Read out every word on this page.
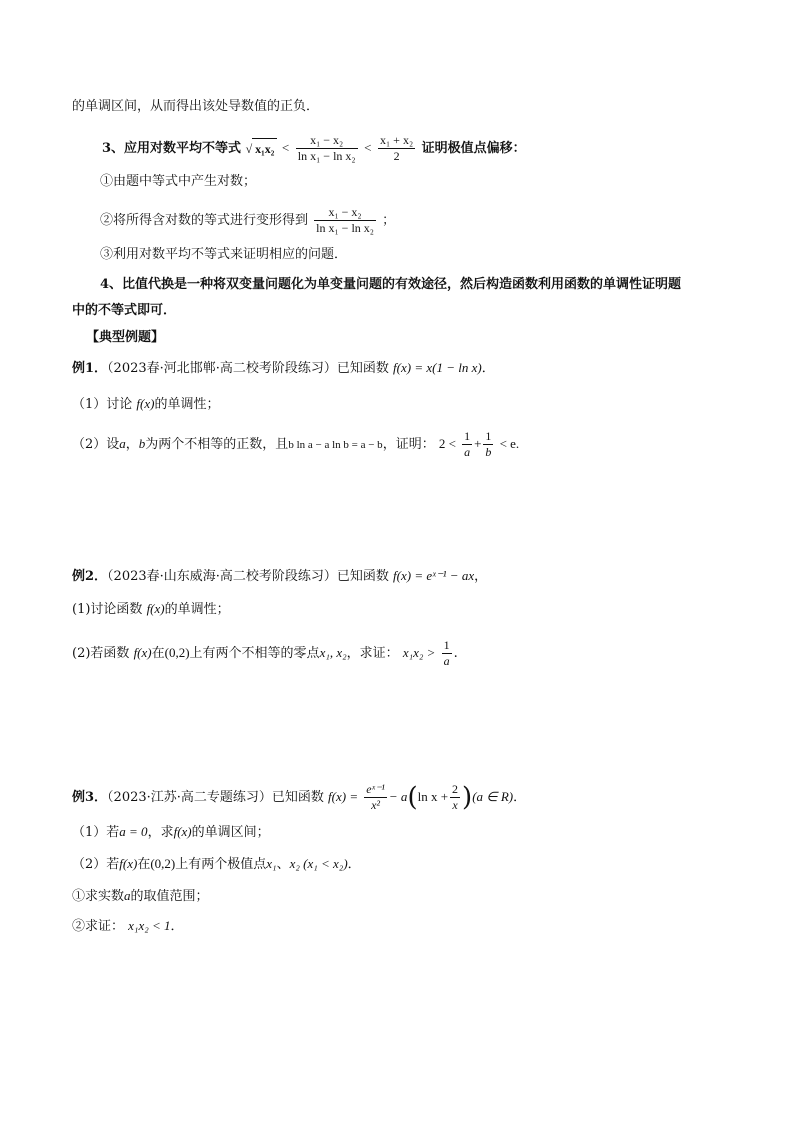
的单调区间，从而得出该处导数值的正负．
3、应用对数平均不等式 √ $x_1x_2 < \frac{\text{x₁ − x₂}}{\text{ln x₁ − ln x₂}} < \frac{\text{x₁ + x₂}}{2}$ 证明极值点偏移：
①由题中等式中产生对数；
②将所得含对数的等式进行变形得到 $\frac{\text{x₁ − x₂}}{\text{ln x₁ − ln x₂}}$ ；
③利用对数平均不等式来证明相应的问题．
4、比值代换是一种将双变量问题化为单变量问题的有效途径，然后构造函数利用函数的单调性证明题
中的不等式即可．
【典型例题】
例1．（2023春·河北邯郸·高二校考阶段练习）已知函数 f(x) = x(1 − ln x)．
（1）讨论 f(x)的单调性；
（2）设a，b为两个不相等的正数，且b ln a − a ln b = a − b，证明： $2 < \frac{1}{a} + \frac{1}{b} < e$.
例2．（2023春·山东威海·高二校考阶段练习）已知函数 f(x) = eˣ⁻¹ − ax，
(1)讨论函数 f(x)的单调性；
(2)若函数 f(x)在(0,2)上有两个不相等的零点x₁, x₂，求证： $x_1x_2 > \frac{1}{a}$ .
例3．（2023·江苏·高二专题练习）已知函数 $f(x) = \frac{\text{eˣ⁻¹}}{\text{x²}} - a(\ln$ $x + \frac{2}{x} )(a$ ∈ R)．
（1）若a = 0，求f(x)的单调区间；
（2）若f(x)在(0,2)上有两个极值点x₁、x₂ (x₁ < x₂)．
①求实数a的取值范围；
②求证： x₁x₂ < 1．
